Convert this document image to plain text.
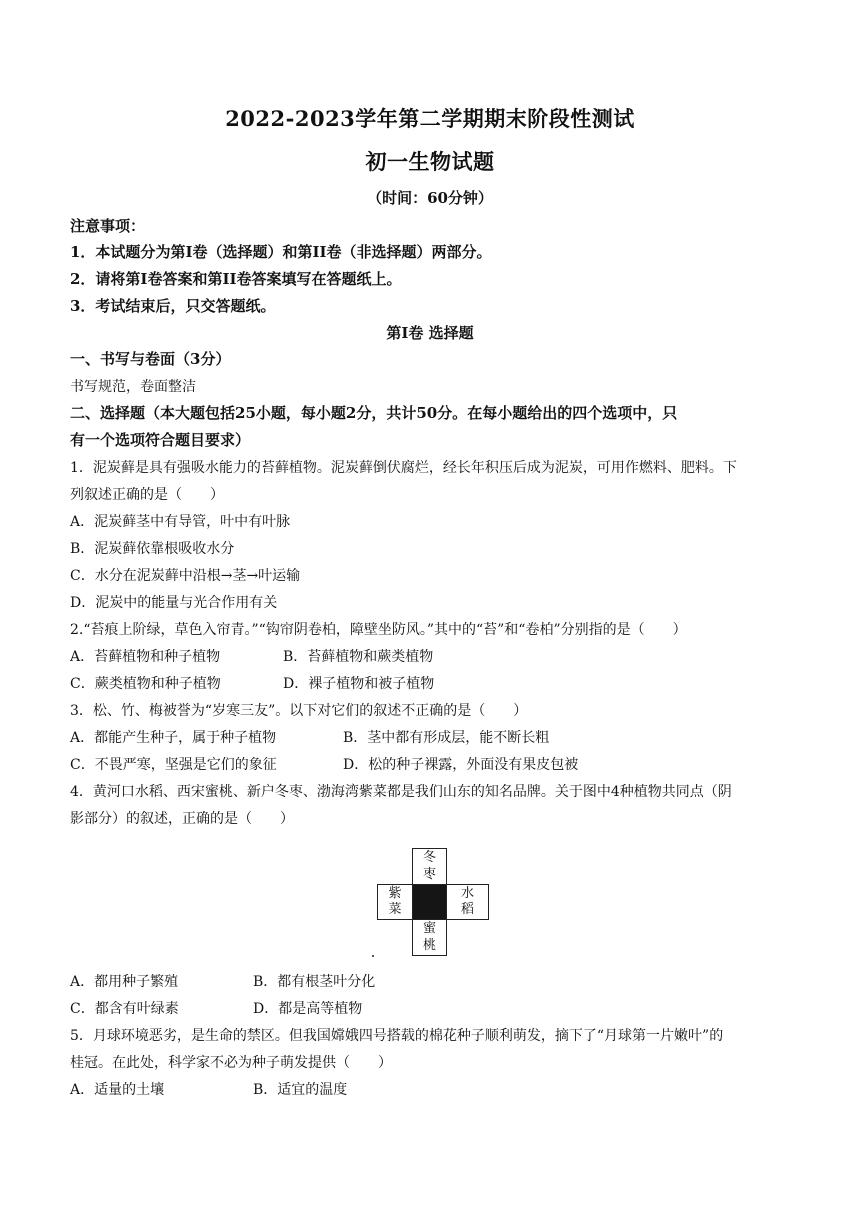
2022-2023学年第二学期期末阶段性测试
初一生物试题
（时间：60分钟）
注意事项：
1．本试题分为第I卷（选择题）和第II卷（非选择题）两部分。
2．请将第I卷答案和第II卷答案填写在答题纸上。
3．考试结束后，只交答题纸。
第I卷 选择题
一、书写与卷面（3分）
书写规范，卷面整洁
二、选择题（本大题包括25小题，每小题2分，共计50分。在每小题给出的四个选项中，只
有一个选项符合题目要求）
1．泥炭藓是具有强吸水能力的苔藓植物。泥炭藓倒伏腐烂，经长年积压后成为泥炭，可用作燃料、肥料。下
列叙述正确的是（　　）
A．泥炭藓茎中有导管，叶中有叶脉
B．泥炭藓依靠根吸收水分
C．水分在泥炭藓中沿根→茎→叶运输
D．泥炭中的能量与光合作用有关
2.“苔痕上阶绿，草色入帘青。”“钩帘阴卷柏，障壁坐防风。”其中的“苔”和“卷柏”分别指的是（　　）
A．苔藓植物和种子植物	B．苔藓植物和蕨类植物
C．蕨类植物和种子植物	D．裸子植物和被子植物
3．松、竹、梅被誉为“岁寒三友”。以下对它们的叙述不正确的是（　　）
A．都能产生种子，属于种子植物	B．茎中都有形成层，能不断长粗
C．不畏严寒，坚强是它们的象征	D．松的种子裸露，外面没有果皮包被
4．黄河口水稻、西宋蜜桃、新户冬枣、渤海湾紫菜都是我们山东的知名品牌。关于图中4种植物共同点（阴
影部分）的叙述，正确的是（　　）
冬
枣
紫
菜
水
稻
蜜
桃
A．都用种子繁殖	B．都有根茎叶分化
C．都含有叶绿素	D．都是高等植物
5．月球环境恶劣，是生命的禁区。但我国嫦娥四号搭载的棉花种子顺利萌发，摘下了“月球第一片嫩叶”的
桂冠。在此处，科学家不必为种子萌发提供（　　）
A．适量的土壤	B．适宜的温度
